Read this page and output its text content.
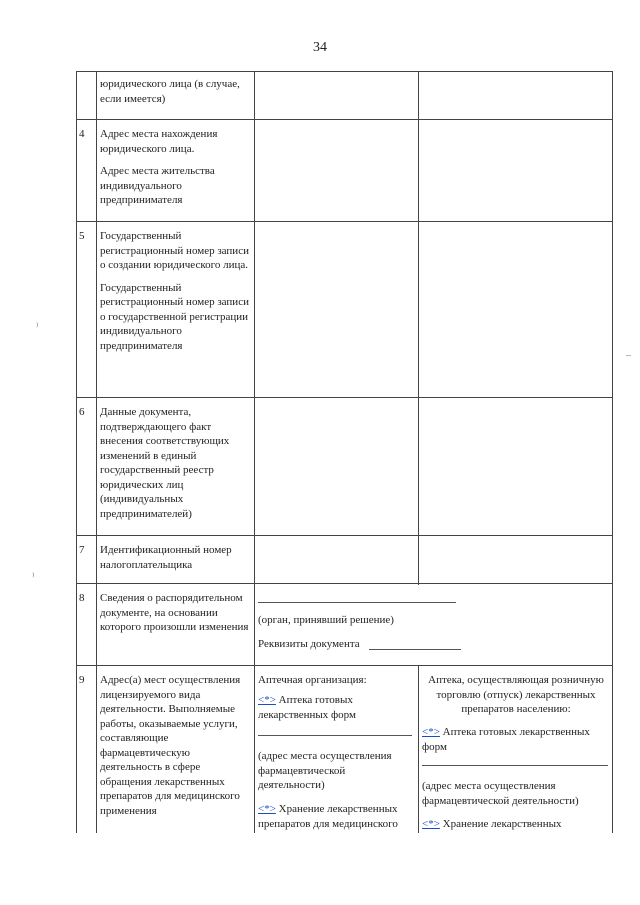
34
юридического лица (в случае, если имеется)
4 Адрес места нахождения юридического лица.
Адрес места жительства индивидуального предпринимателя
5 Государственный регистрационный номер записи о создании юридического лица.
Государственный регистрационный номер записи о государственной регистрации индивидуального предпринимателя
6 Данные документа, подтверждающего факт внесения соответствующих изменений в единый государственный реестр юридических лиц (индивидуальных предпринимателей)
7 Идентификационный номер налогоплательщика
8 Сведения о распорядительном документе, на основании которого произошли изменения
(орган, принявший решение)
Реквизиты документа
9 Адрес(а) мест осуществления лицензируемого вида деятельности. Выполняемые работы, оказываемые услуги, составляющие фармацевтическую деятельность в сфере обращения лекарственных препаратов для медицинского применения
Аптечная организация:
<*> Аптека готовых лекарственных форм
(адрес места осуществления фармацевтической деятельности)
<*> Хранение лекарственных препаратов для медицинского
Аптека, осуществляющая розничную торговлю (отпуск) лекарственных препаратов населению:
<*> Аптека готовых лекарственных форм
(адрес места осуществления фармацевтической деятельности)
<*> Хранение лекарственных
⁾
–
⁾
